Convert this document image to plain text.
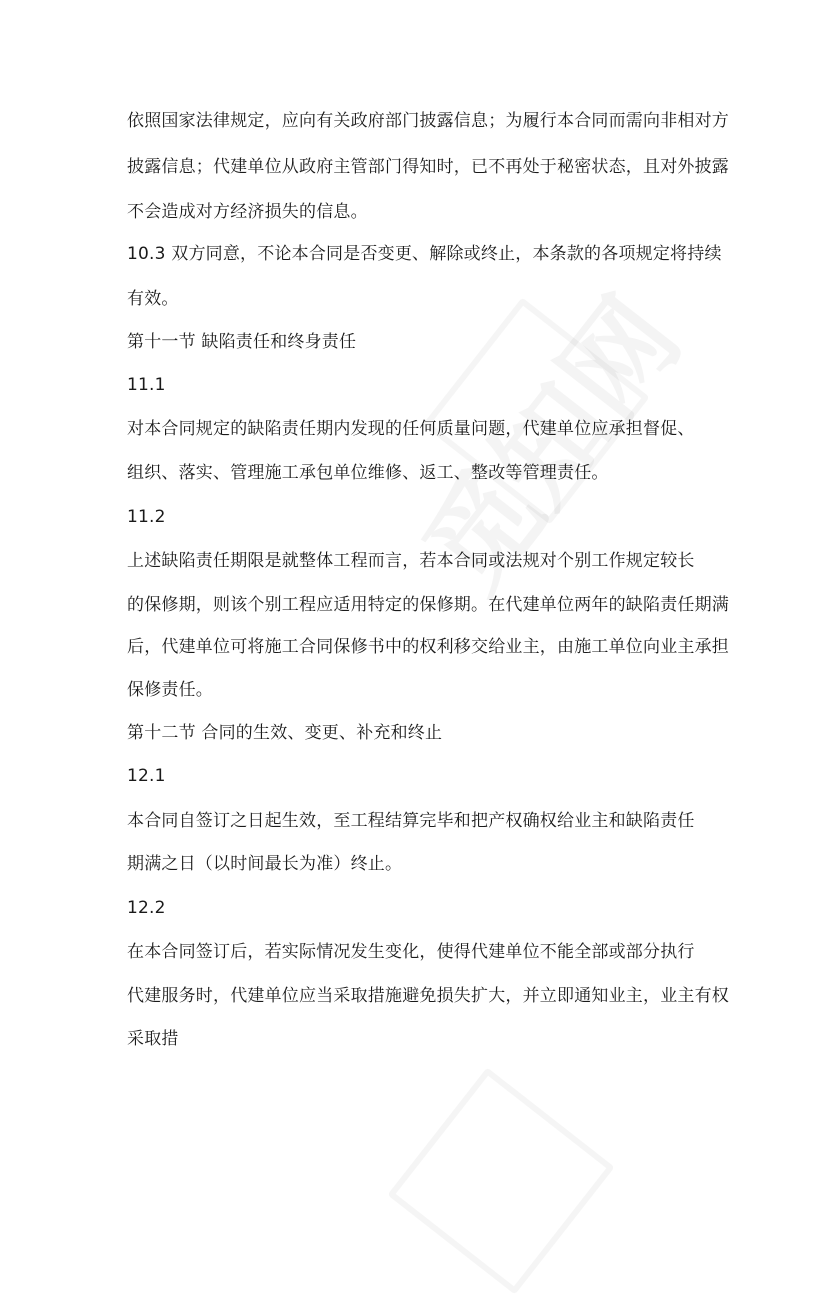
依照国家法律规定，应向有关政府部门披露信息；为履行本合同而需向非相对方
披露信息；代建单位从政府主管部门得知时，已不再处于秘密状态，且对外披露
不会造成对方经济损失的信息。
10.3 双方同意，不论本合同是否变更、解除或终止，本条款的各项规定将持续
有效。
第十一节 缺陷责任和终身责任
11.1
对本合同规定的缺陷责任期内发现的任何质量问题，代建单位应承担督促、
组织、落实、管理施工承包单位维修、返工、整改等管理责任。
11.2
上述缺陷责任期限是就整体工程而言，若本合同或法规对个别工作规定较长
的保修期，则该个别工程应适用特定的保修期。在代建单位两年的缺陷责任期满
后，代建单位可将施工合同保修书中的权利移交给业主，由施工单位向业主承担
保修责任。
第十二节 合同的生效、变更、补充和终止
12.1
本合同自签订之日起生效，至工程结算完毕和把产权确权给业主和缺陷责任
期满之日（以时间最长为准）终止。
12.2
在本合同签订后，若实际情况发生变化，使得代建单位不能全部或部分执行
代建服务时，代建单位应当采取措施避免损失扩大，并立即通知业主，业主有权
采取措
